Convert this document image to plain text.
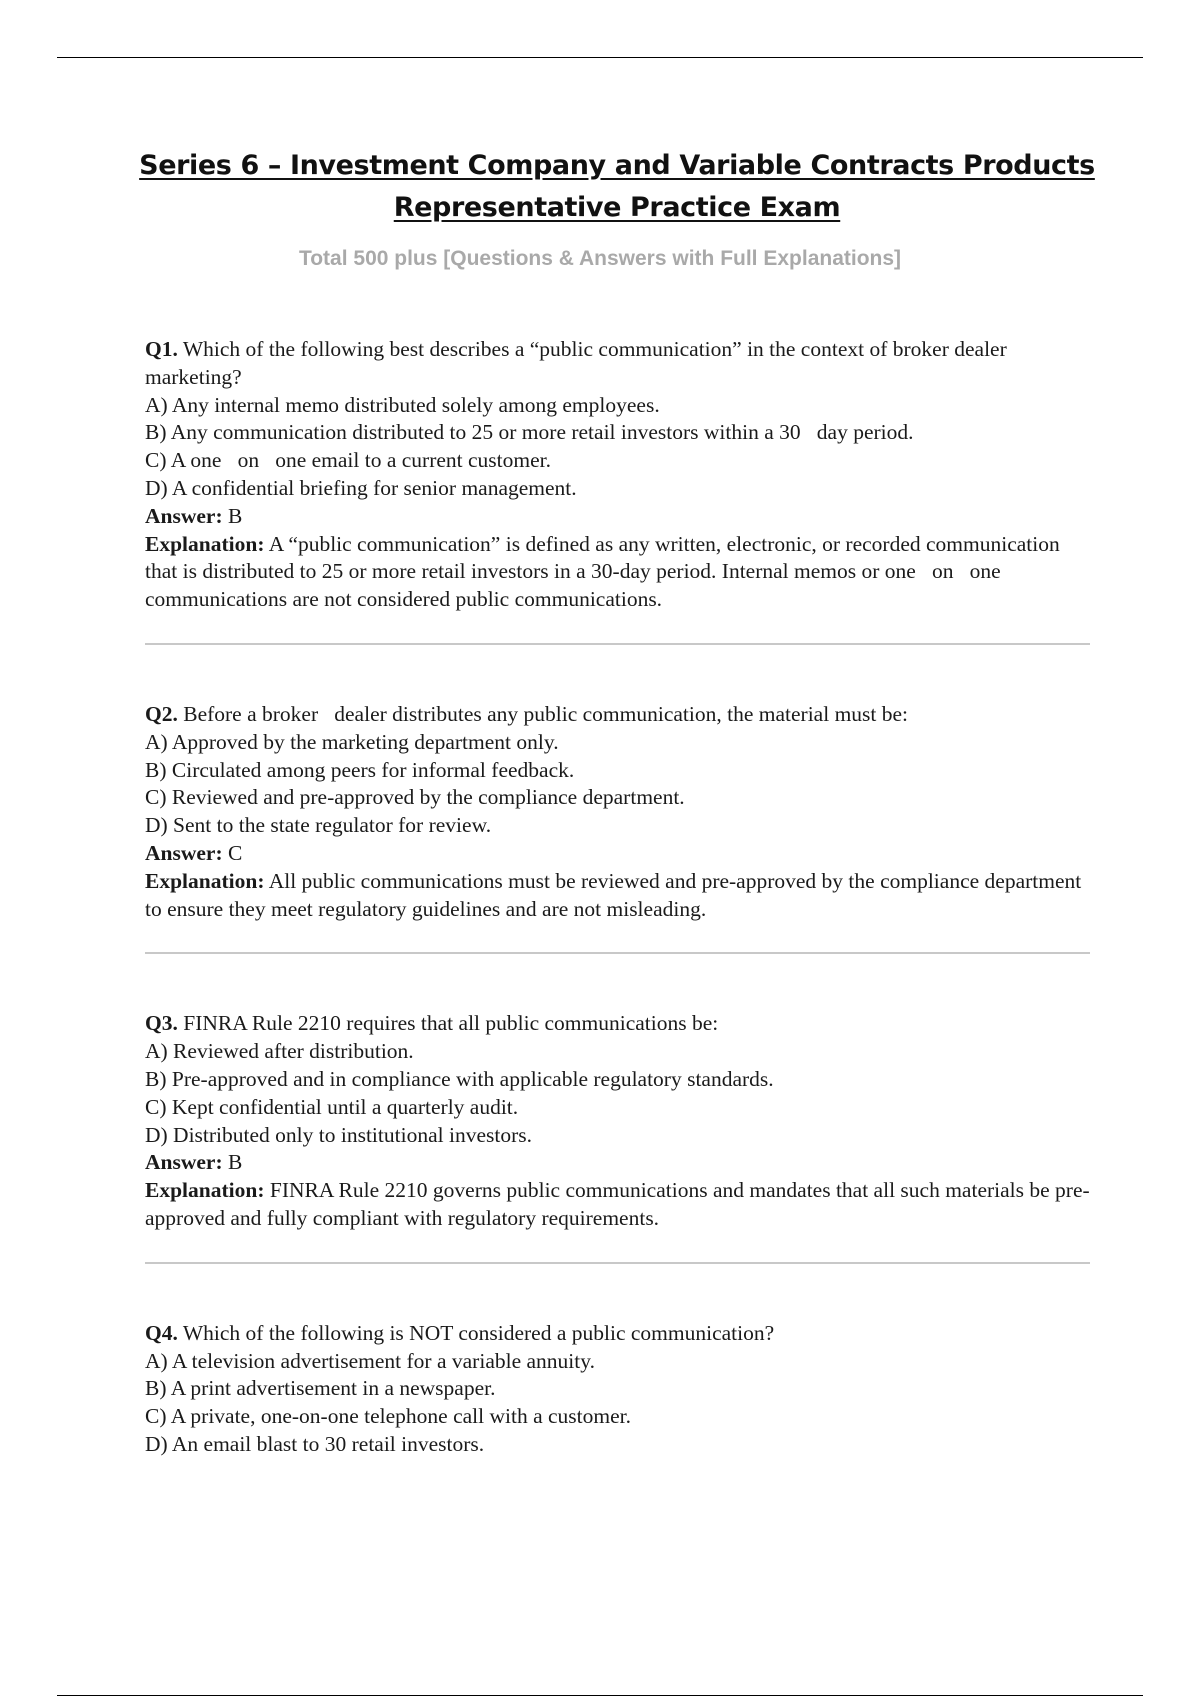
Series 6 – Investment Company and Variable Contracts Products
Representative Practice Exam

Total 500 plus [Questions & Answers with Full Explanations]

Q1. Which of the following best describes a “public communication” in the context of broker dealer marketing?

A) Any internal memo distributed solely among employees.

B) Any communication distributed to 25 or more retail investors within a 30   day period.

C) A one   on   one email to a current customer.

D) A confidential briefing for senior management.

Answer: B

Explanation: A “public communication” is defined as any written, electronic, or recorded communication that is distributed to 25 or more retail investors in a 30-day period. Internal memos or one   on   one communications are not considered public communications.

Q2. Before a broker   dealer distributes any public communication, the material must be:

A) Approved by the marketing department only.

B) Circulated among peers for informal feedback.

C) Reviewed and pre-approved by the compliance department.

D) Sent to the state regulator for review.

Answer: C

Explanation: All public communications must be reviewed and pre-approved by the compliance department to ensure they meet regulatory guidelines and are not misleading.

Q3. FINRA Rule 2210 requires that all public communications be:

A) Reviewed after distribution.

B) Pre-approved and in compliance with applicable regulatory standards.

C) Kept confidential until a quarterly audit.

D) Distributed only to institutional investors.

Answer: B

Explanation: FINRA Rule 2210 governs public communications and mandates that all such materials be pre-approved and fully compliant with regulatory requirements.

Q4. Which of the following is NOT considered a public communication?

A) A television advertisement for a variable annuity.

B) A print advertisement in a newspaper.

C) A private, one-on-one telephone call with a customer.

D) An email blast to 30 retail investors.
